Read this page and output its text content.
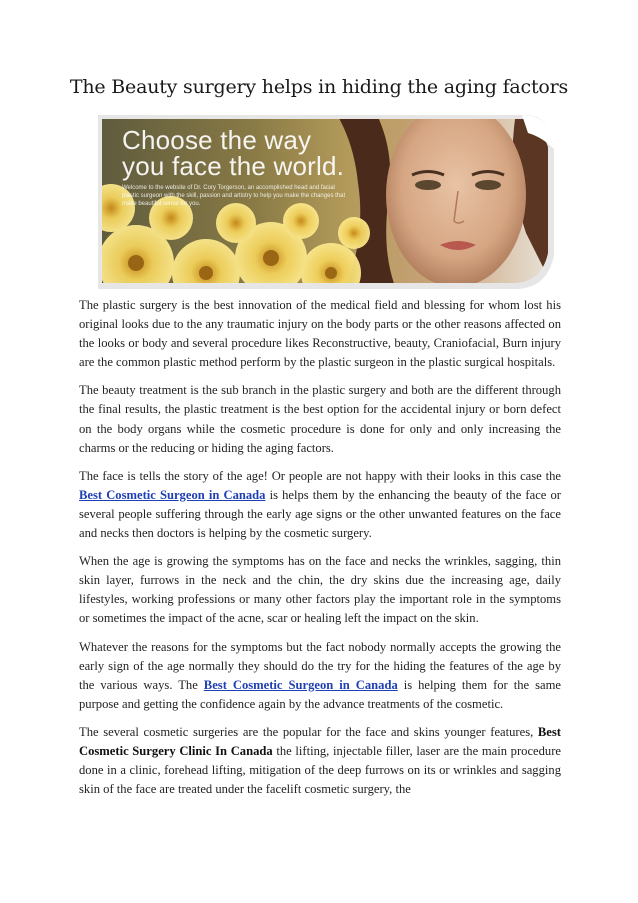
The Beauty surgery helps in hiding the aging factors
Choose the way
you face the world.
Welcome to the website of Dr. Cory Torgerson, an accomplished head and facial plastic surgeon with the skill, passion and artistry to help you make the changes that make beautiful sense for you.

The plastic surgery is the best innovation of the medical field and blessing for whom lost his original looks due to the any traumatic injury on the body parts or the other reasons affected on the looks or body and several procedure likes Reconstructive, beauty, Craniofacial, Burn injury are the common plastic method perform by the plastic surgeon in the plastic surgical hospitals.

The beauty treatment is the sub branch in the plastic surgery and both are the different through the final results, the plastic treatment is the best option for the accidental injury or born defect on the body organs while the cosmetic procedure is done for only and only increasing the charms or the reducing or hiding the aging factors.

The face is tells the story of the age! Or people are not happy with their looks in this case the Best Cosmetic Surgeon in Canada is helps them by the enhancing the beauty of the face or several people suffering through the early age signs or the other unwanted features on the face and necks then doctors is helping by the cosmetic surgery.

When the age is growing the symptoms has on the face and necks the wrinkles, sagging, thin skin layer, furrows in the neck and the chin, the dry skins due the increasing age, daily lifestyles, working professions or many other factors play the important role in the symptoms or sometimes the impact of the acne, scar or healing left the impact on the skin.

Whatever the reasons for the symptoms but the fact nobody normally accepts the growing the early sign of the age normally they should do the try for the hiding the features of the age by the various ways. The Best Cosmetic Surgeon in Canada is helping them for the same purpose and getting the confidence again by the advance treatments of the cosmetic.

The several cosmetic surgeries are the popular for the face and skins younger features, Best Cosmetic Surgery Clinic In Canada the lifting, injectable filler, laser are the main procedure done in a clinic, forehead lifting, mitigation of the deep furrows on its or wrinkles and sagging skin of the face are treated under the facelift cosmetic surgery, the
